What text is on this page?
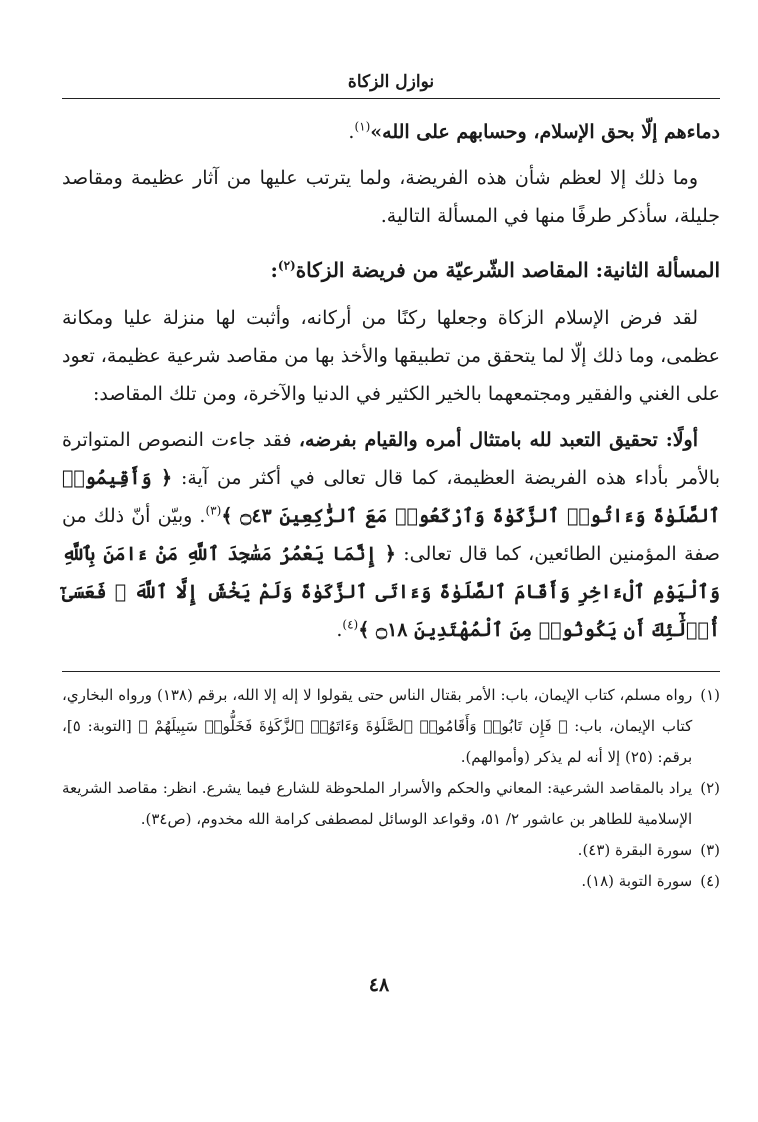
نوازل الزكاة

دماءهم إلّا بحق الإسلام، وحسابهم على الله»$^{(١)}$.

وما ذلك إلا لعظم شأن هذه الفريضة، ولما يترتب عليها من آثار عظيمة ومقاصد جليلة، سأذكر طرفًا منها في المسألة التالية.

المسألة الثانية: المقاصد الشّرعيّة من فريضة الزكاة$^{(٢)}$:

لقد فرض الإسلام الزكاة وجعلها ركنًا من أركانه، وأثبت لها منزلة عليا ومكانة عظمى، وما ذلك إلّا لما يتحقق من تطبيقها والأخذ بها من مقاصد شرعية عظيمة، تعود على الغني والفقير ومجتمعهما بالخير الكثير في الدنيا والآخرة، ومن تلك المقاصد:

أولًا: تحقيق التعبد لله بامتثال أمره والقيام بفرضه، فقد جاءت النصوص المتواترة بالأمر بأداء هذه الفريضة العظيمة، كما قال تعالى في أكثر من آية: ﴿ وَأَقِيمُوا۟ ٱلصَّلَوٰةَ وَءَاتُوا۟ ٱلزَّكَوٰةَ وَٱرْكَعُوا۟ مَعَ ٱلرَّٰكِعِينَ ۝٤٣ ﴾$^{(٣)}$. وبيّن أنّ ذلك من صفة المؤمنين الطائعين، كما قال تعالى: ﴿ إِنَّمَا يَعْمُرُ مَسَٰجِدَ ٱللَّهِ مَنْ ءَامَنَ بِٱللَّهِ وَٱلْيَوْمِ ٱلْءَاخِرِ وَأَقَامَ ٱلصَّلَوٰةَ وَءَاتَى ٱلزَّكَوٰةَ وَلَمْ يَخْشَ إِلَّا ٱللَّهَ ۖ فَعَسَىٰٓ أُو۟لَٰٓئِكَ أَن يَكُونُوا۟ مِنَ ٱلْمُهْتَدِينَ ۝١٨ ﴾$^{(٤)}$.

(١)
رواه مسلم، كتاب الإيمان، باب: الأمر بقتال الناس حتى يقولوا لا إله إلا الله، برقم (١٣٨) ورواه البخاري، كتاب الإيمان، باب: ﴿ فَإِن تَابُوا۟ وَأَقَامُوا۟ ٱلصَّلَوٰةَ وَءَاتَوُا۟ ٱلزَّكَوٰةَ فَخَلُّوا۟ سَبِيلَهُمْ ﴾ [التوبة: ٥]، برقم: (٢٥) إلا أنه لم يذكر (وأموالهم).
(٢)
يراد بالمقاصد الشرعية: المعاني والحكم والأسرار الملحوظة للشارع فيما يشرع. انظر: مقاصد الشريعة الإسلامية للطاهر بن عاشور ٢/ ٥١، وقواعد الوسائل لمصطفى كرامة الله مخدوم، (ص٣٤).
(٣)
سورة البقرة (٤٣).
(٤)
سورة التوبة (١٨).
٤٨
